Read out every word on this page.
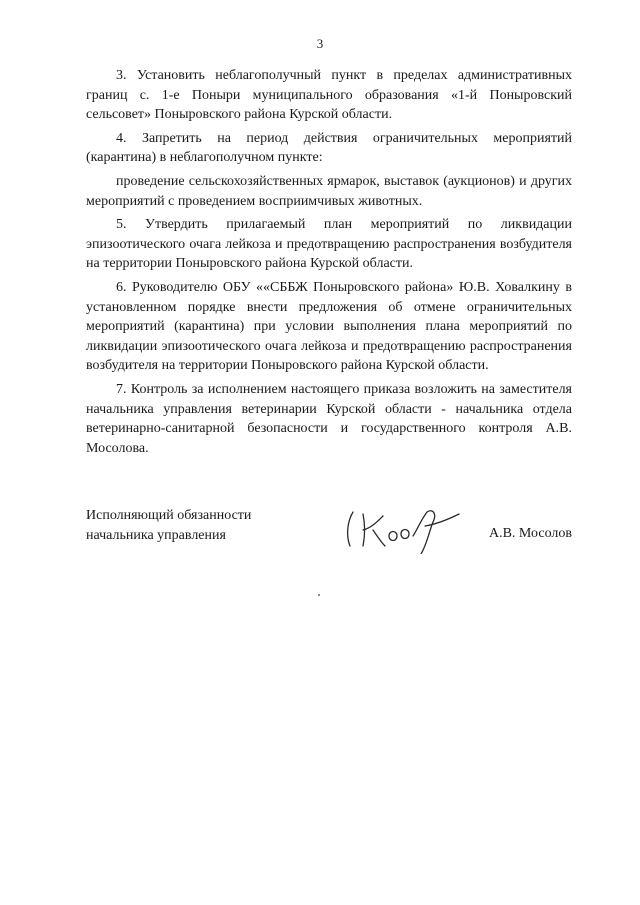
3

3. Установить неблагополучный пункт в пределах административных границ с. 1-е Поныри муниципального образования «1-й Поныровский сельсовет» Поныровского района Курской области.

4. Запретить на период действия ограничительных мероприятий (карантина) в неблагополучном пункте:

проведение сельскохозяйственных ярмарок, выставок (аукционов) и других мероприятий с проведением восприимчивых животных.

5. Утвердить прилагаемый план мероприятий по ликвидации эпизоотического очага лейкоза и предотвращению распространения возбудителя на территории Поныровского района Курской области.

6. Руководителю ОБУ ««СББЖ Поныровского района» Ю.В. Ховалкину в установленном порядке внести предложения об отмене ограничительных мероприятий (карантина) при условии выполнения плана мероприятий по ликвидации эпизоотического очага лейкоза и предотвращению распространения возбудителя на территории Поныровского района Курской области.

7. Контроль за исполнением настоящего приказа возложить на заместителя начальника управления ветеринарии Курской области - начальника отдела ветеринарно-санитарной безопасности и государственного контроля А.В. Мосолова.

Исполняющий обязанности
начальника управления	А.В. Мосолов
